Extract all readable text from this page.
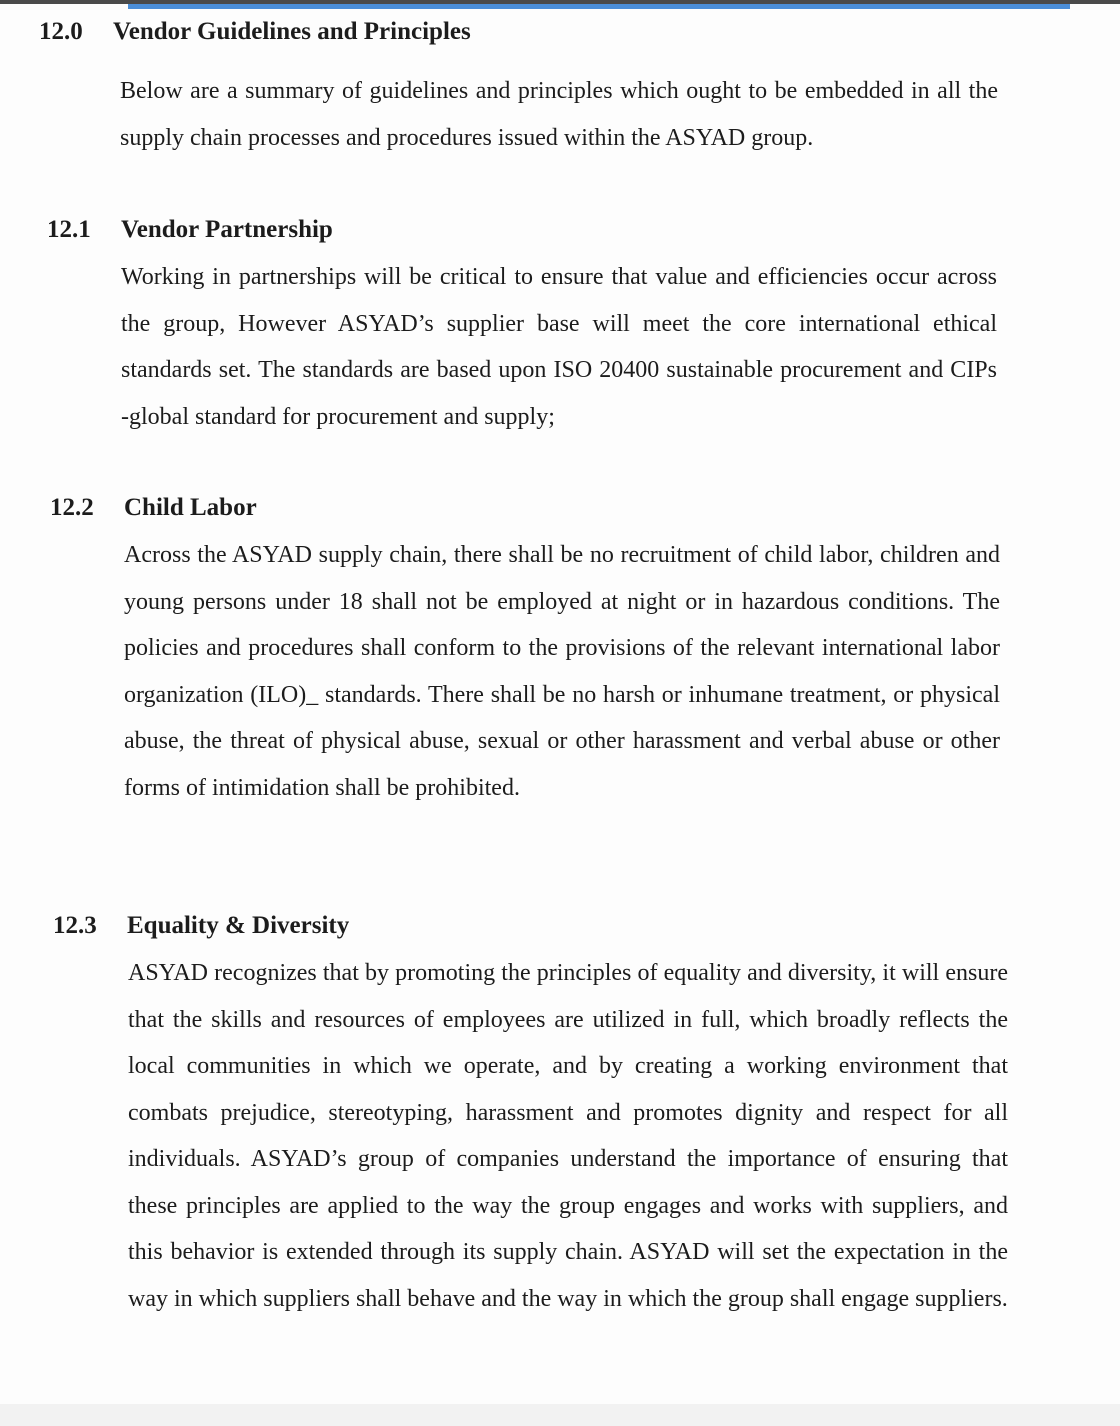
12.0	Vendor Guidelines and Principles

Below are a summary of guidelines and principles which ought to be embedded in all the supply chain processes and procedures issued within the ASYAD group.

12.1	Vendor Partnership

Working in partnerships will be critical to ensure that value and efficiencies occur across the group, However ASYAD’s supplier base will meet the core international ethical standards set. The standards are based upon ISO 20400 sustainable procurement and CIPs -global standard for procurement and supply;

12.2	Child Labor

Across the ASYAD supply chain, there shall be no recruitment of child labor, children and young persons under 18 shall not be employed at night or in hazardous conditions. The policies and procedures shall conform to the provisions of the relevant international labor organization (ILO)_ standards. There shall be no harsh or inhumane treatment, or physical abuse, the threat of physical abuse, sexual or other harassment and verbal abuse or other forms of intimidation shall be prohibited.

12.3	Equality & Diversity

ASYAD recognizes that by promoting the principles of equality and diversity, it will ensure that the skills and resources of employees are utilized in full, which broadly reflects the local communities in which we operate, and by creating a working environment that combats prejudice, stereotyping, harassment and promotes dignity and respect for all individuals. ASYAD’s group of companies understand the importance of ensuring that these principles are applied to the way the group engages and works with suppliers, and this behavior is extended through its supply chain. ASYAD will set the expectation in the way in which suppliers shall behave and the way in which the group shall engage suppliers.
